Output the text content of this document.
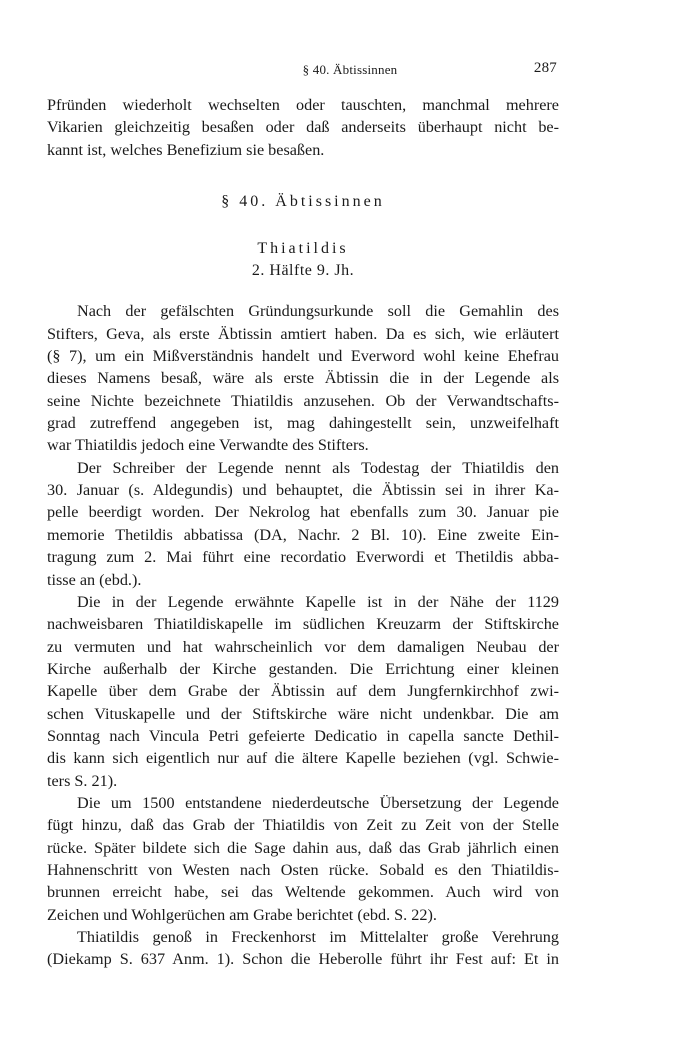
§ 40. Äbtissinnen	287
Pfründen wiederholt wechselten oder tauschten, manchmal mehrere
Vikarien gleichzeitig besaßen oder daß anderseits überhaupt nicht be-
kannt ist, welches Benefizium sie besaßen.
§ 40. Äbtissinnen
Thiatildis
2. Hälfte 9. Jh.
Nach der gefälschten Gründungsurkunde soll die Gemahlin des
Stifters, Geva, als erste Äbtissin amtiert haben. Da es sich, wie erläutert
(§ 7), um ein Mißverständnis handelt und Everword wohl keine Ehefrau
dieses Namens besaß, wäre als erste Äbtissin die in der Legende als
seine Nichte bezeichnete Thiatildis anzusehen. Ob der Verwandtschafts-
grad zutreffend angegeben ist, mag dahingestellt sein, unzweifelhaft
war Thiatildis jedoch eine Verwandte des Stifters.
Der Schreiber der Legende nennt als Todestag der Thiatildis den
30. Januar (s. Aldegundis) und behauptet, die Äbtissin sei in ihrer Ka-
pelle beerdigt worden. Der Nekrolog hat ebenfalls zum 30. Januar pie
memorie Thetildis abbatissa (DA, Nachr. 2 Bl. 10). Eine zweite Ein-
tragung zum 2. Mai führt eine recordatio Everwordi et Thetildis abba-
tisse an (ebd.).
Die in der Legende erwähnte Kapelle ist in der Nähe der 1129
nachweisbaren Thiatildiskapelle im südlichen Kreuzarm der Stiftskirche
zu vermuten und hat wahrscheinlich vor dem damaligen Neubau der
Kirche außerhalb der Kirche gestanden. Die Errichtung einer kleinen
Kapelle über dem Grabe der Äbtissin auf dem Jungfernkirchhof zwi-
schen Vituskapelle und der Stiftskirche wäre nicht undenkbar. Die am
Sonntag nach Vincula Petri gefeierte Dedicatio in capella sancte Dethil-
dis kann sich eigentlich nur auf die ältere Kapelle beziehen (vgl. Schwie-
ters S. 21).
Die um 1500 entstandene niederdeutsche Übersetzung der Legende
fügt hinzu, daß das Grab der Thiatildis von Zeit zu Zeit von der Stelle
rücke. Später bildete sich die Sage dahin aus, daß das Grab jährlich einen
Hahnenschritt von Westen nach Osten rücke. Sobald es den Thiatildis-
brunnen erreicht habe, sei das Weltende gekommen. Auch wird von
Zeichen und Wohlgerüchen am Grabe berichtet (ebd. S. 22).
Thiatildis genoß in Freckenhorst im Mittelalter große Verehrung
(Diekamp S. 637 Anm. 1). Schon die Heberolle führt ihr Fest auf: Et in
